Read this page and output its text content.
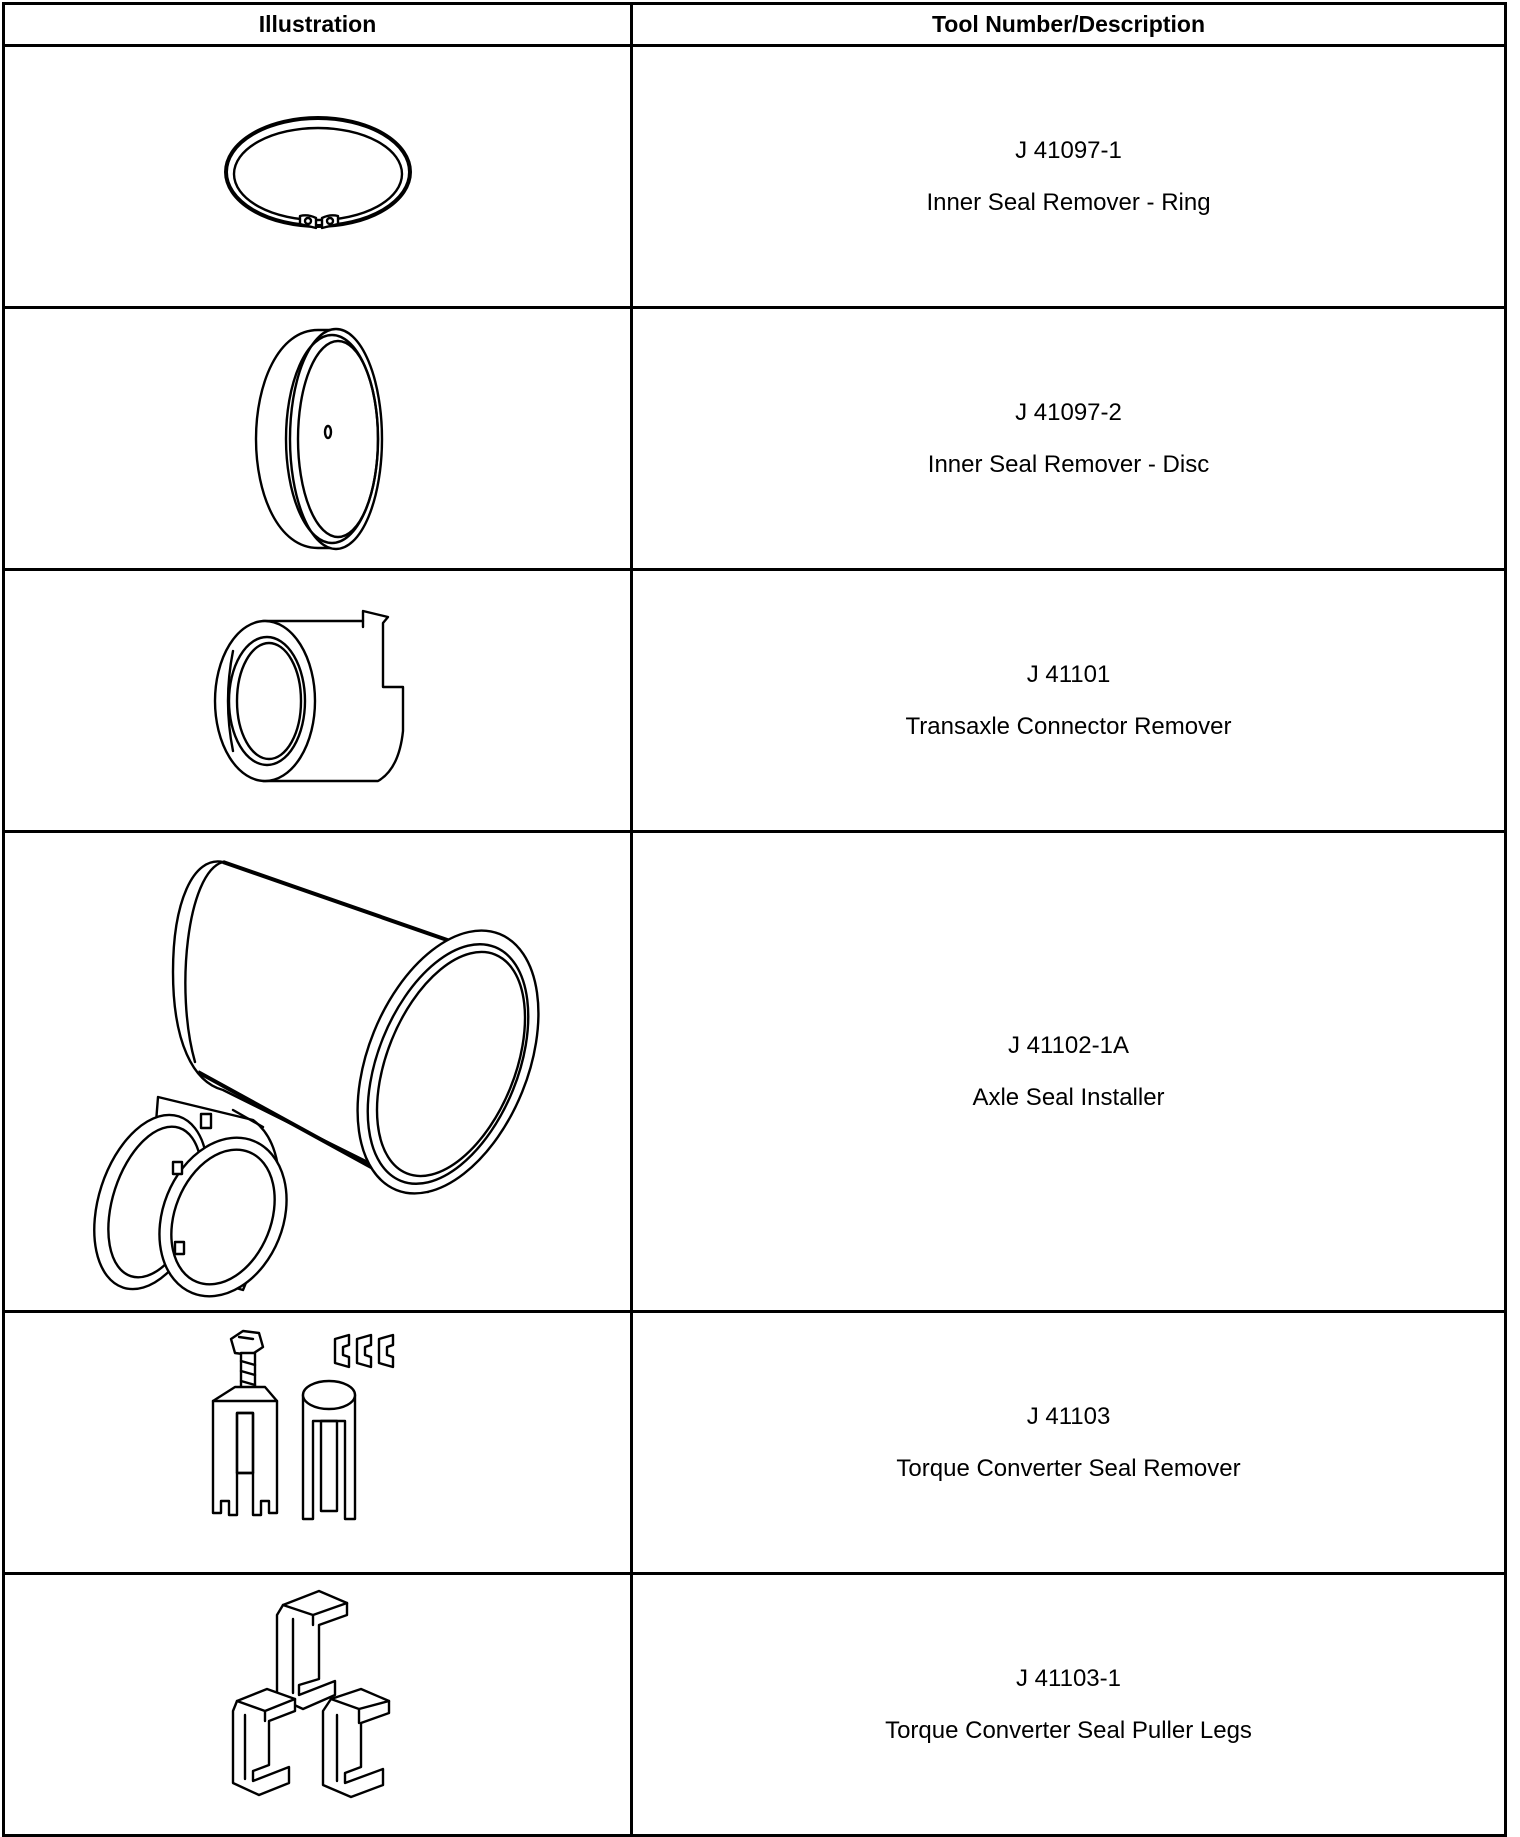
Illustration	Tool Number/Description

J 41097-1
Inner Seal Remover - Ring

J 41097-2
Inner Seal Remover - Disc

J 41101
Transaxle Connector Remover

J 41102-1A
Axle Seal Installer

J 41103
Torque Converter Seal Remover

J 41103-1
Torque Converter Seal Puller Legs
